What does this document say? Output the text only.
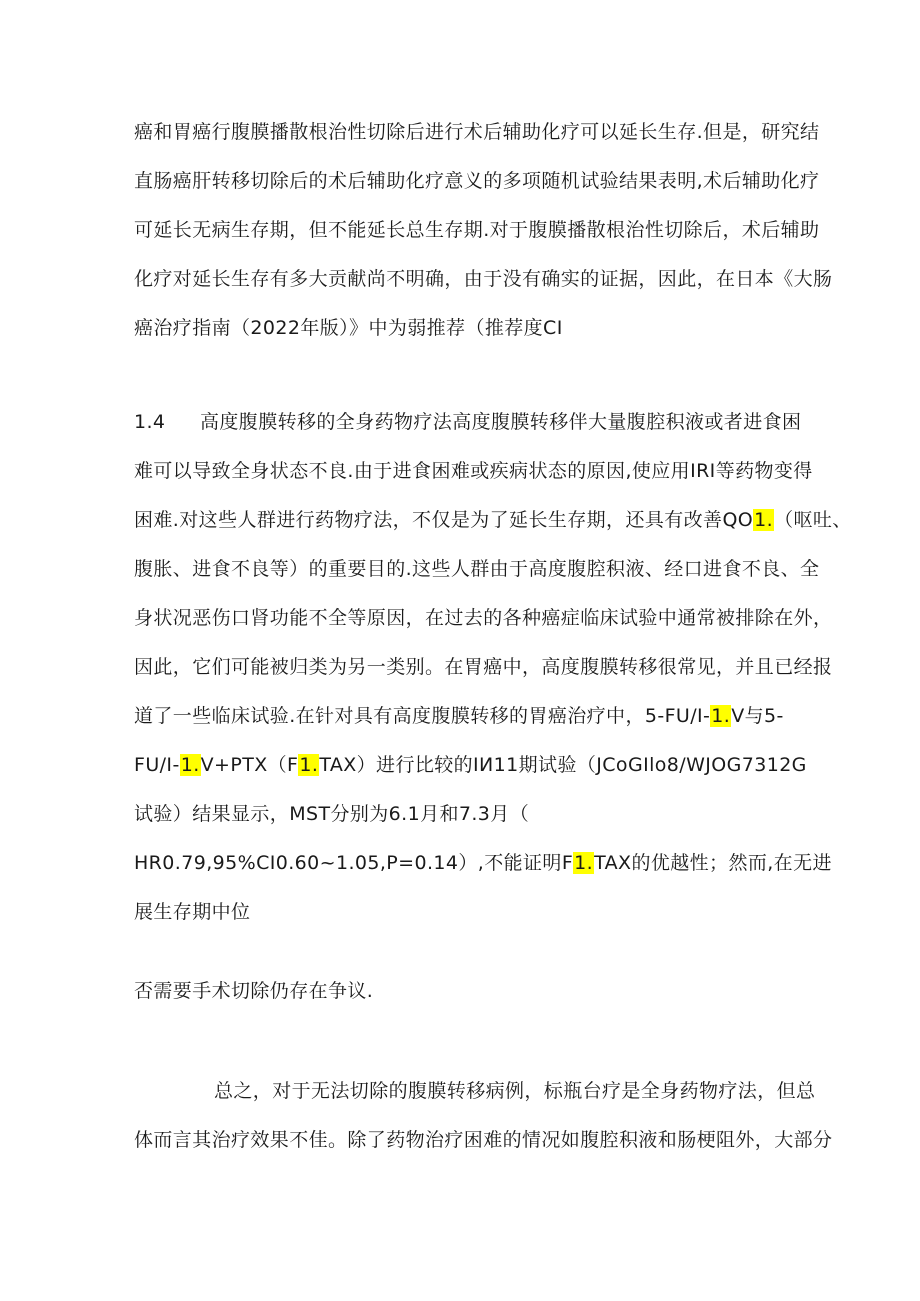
癌和胃癌行腹膜播散根治性切除后进行术后辅助化疗可以延长生存.但是，研究结
直肠癌肝转移切除后的术后辅助化疗意义的多项随机试验结果表明,术后辅助化疗
可延长无病生存期，但不能延长总生存期.对于腹膜播散根治性切除后，术后辅助
化疗对延长生存有多大贡献尚不明确，由于没有确实的证据，因此，在日本《大肠
癌治疗指南（2022年版）》中为弱推荐（推荐度CI
1.4 高度腹膜转移的全身药物疗法高度腹膜转移伴大量腹腔积液或者进食困
难可以导致全身状态不良.由于进食困难或疾病状态的原因,使应用IRI等药物变得
困难.对这些人群进行药物疗法，不仅是为了延长生存期，还具有改善QO1.（呕吐、
腹胀、进食不良等）的重要目的.这些人群由于高度腹腔积液、经口进食不良、全
身状况恶伤口肾功能不全等原因，在过去的各种癌症临床试验中通常被排除在外，
因此，它们可能被归类为另一类别。在胃癌中，高度腹膜转移很常见，并且已经报
道了一些临床试验.在针对具有高度腹膜转移的胃癌治疗中，5-FU/I-1.V与5-
FU/I-1.V+PTX（F1.TAX）进行比较的IИ11期试验（JCoGIlo8/WJOG7312G
试验）结果显示，MST分别为6.1月和7.3月（
HR0.79,95%CI0.60~1.05,P=0.14）,不能证明F1.TAX的优越性；然而,在无进
展生存期中位
否需要手术切除仍存在争议.
总之，对于无法切除的腹膜转移病例，标瓶台疗是全身药物疗法，但总
体而言其治疗效果不佳。除了药物治疗困难的情况如腹腔积液和肠梗阻外，大部分
